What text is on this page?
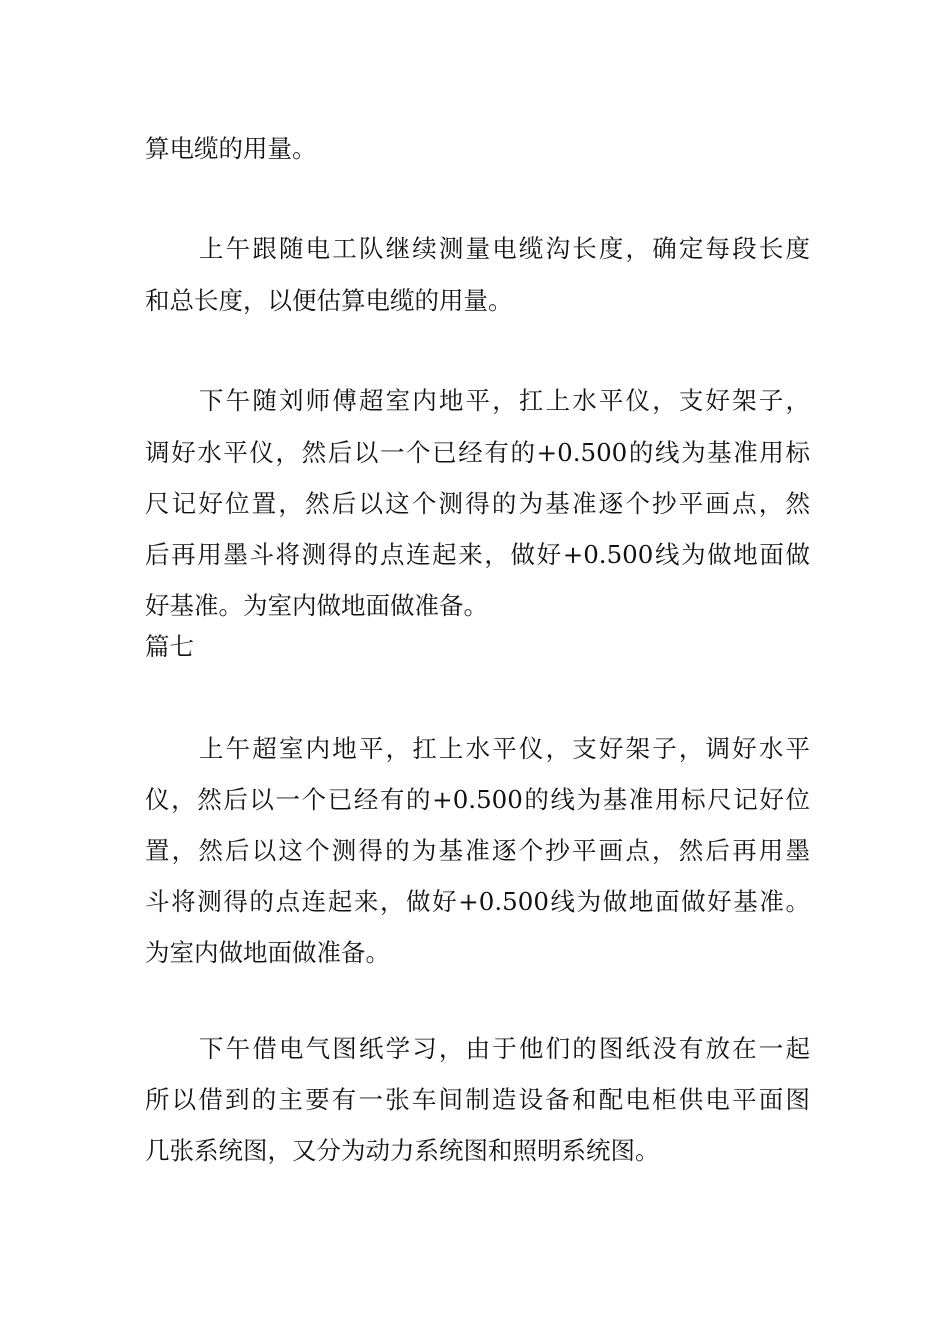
算电缆的用量。

上午跟随电工队继续测量电缆沟长度，确定每段长度

和总长度，以便估算电缆的用量。

下午随刘师傅超室内地平，扛上水平仪，支好架子，

调好水平仪，然后以一个已经有的+0.500的线为基准用标

尺记好位置，然后以这个测得的为基准逐个抄平画点，然

后再用墨斗将测得的点连起来，做好+0.500线为做地面做

好基准。为室内做地面做准备。

篇七

上午超室内地平，扛上水平仪，支好架子，调好水平

仪，然后以一个已经有的+0.500的线为基准用标尺记好位

置，然后以这个测得的为基准逐个抄平画点，然后再用墨

斗将测得的点连起来，做好+0.500线为做地面做好基准。

为室内做地面做准备。

下午借电气图纸学习，由于他们的图纸没有放在一起

所以借到的主要有一张车间制造设备和配电柜供电平面图

几张系统图，又分为动力系统图和照明系统图。
